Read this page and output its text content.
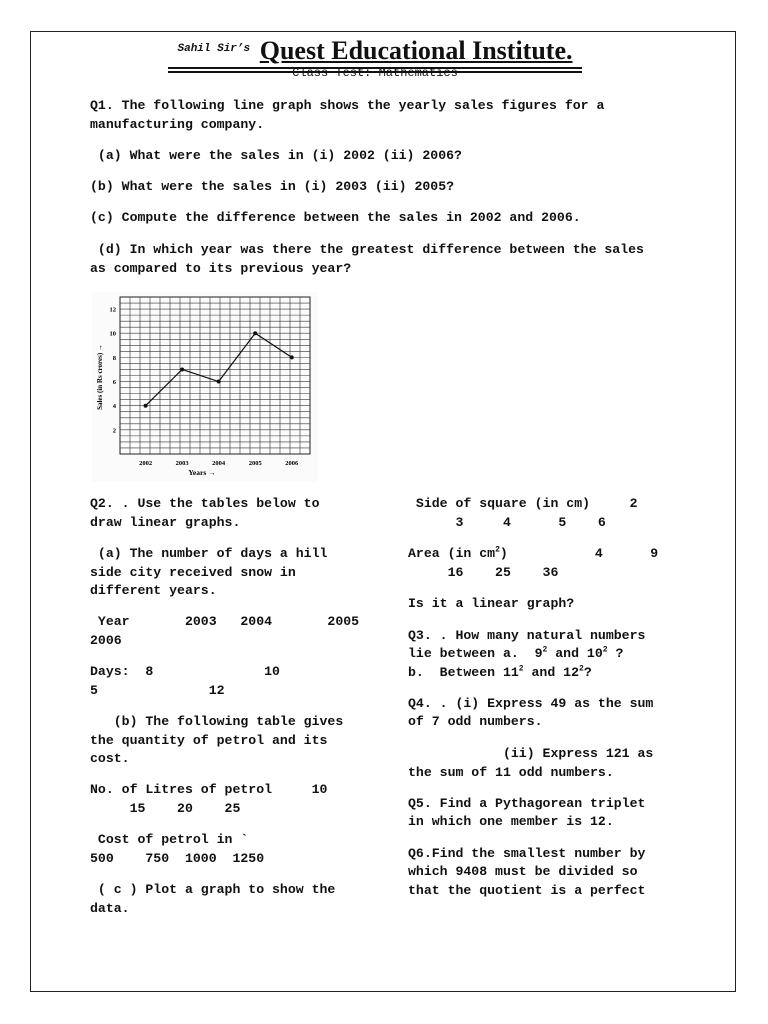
$^{Sahil Sir’s}$ Quest Educational Institute.
Class Test: Mathematics
Q1. The following line graph shows the yearly sales figures for a
manufacturing company.
(a) What were the sales in (i) 2002 (ii) 2006?
(b) What were the sales in (i) 2003 (ii) 2005?
(c) Compute the difference between the sales in 2002 and 2006.
(d) In which year was there the greatest difference between the sales
as compared to its previous year?
2
4
6
8
10
12
2002	2003	2004	2005	2006
Years →
Sales (in Rs crores) →
Q2. . Use the tables below to
draw linear graphs.
(a) The number of days a hill
side city received snow in
different years.
Year       2003   2004       2005
2006
Days:  8              10
5              12
(b) The following table gives
the quantity of petrol and its
cost.
No. of Litres of petrol     10
15    20    25
Cost of petrol in `
500    750  1000  1250
( c ) Plot a graph to show the
data.
Side of square (in cm)     2
3     4      5    6
Area (in $cm^2$)           4      9
16    25    36
Is it a linear graph?
Q3. . How many natural numbers
lie between a.  $9^2$ and $10^2$ ?
b.  Between $11^2$ and $12^2$?
Q4. . (i) Express 49 as the sum
of 7 odd numbers.
(ii) Express 121 as
the sum of 11 odd numbers.
Q5. Find a Pythagorean triplet
in which one member is 12.
Q6.Find the smallest number by
which 9408 must be divided so
that the quotient is a perfect
